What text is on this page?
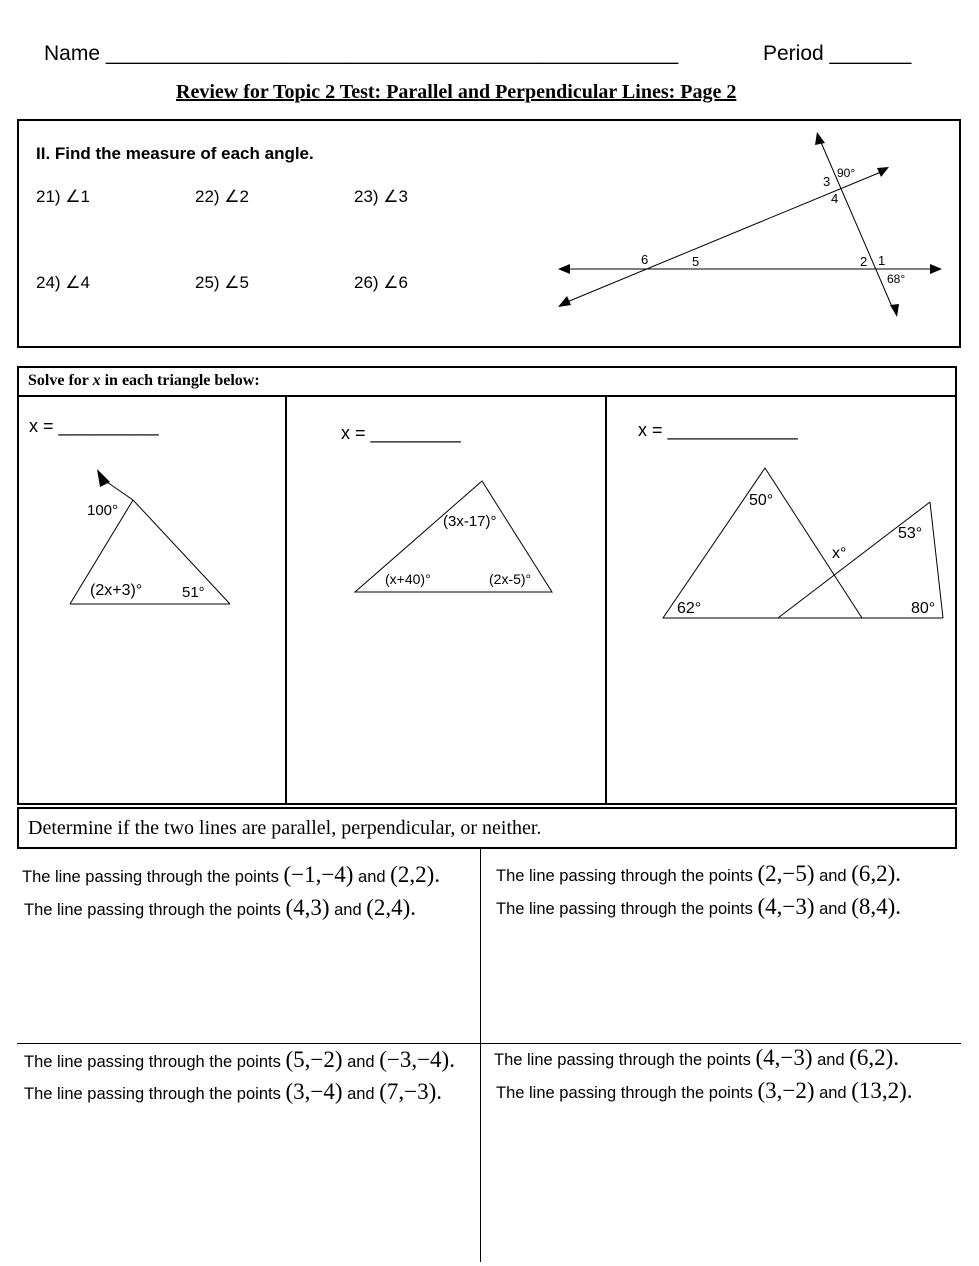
Name _________________________________________________	Period _______
Review for Topic 2 Test: Parallel and Perpendicular Lines: Page 2
II. Find the measure of each angle.
21) ∠1	22) ∠2	23) ∠3
24) ∠4	25) ∠5	26) ∠6
3
90°
4
6	5	2 1
68°
Solve for x in each triangle below:
x = __________	x = _________	x = _____________
100°
(2x+3)°	51°
(3x-17)°
(x+40)°	(2x-5)°
50°
x°
53°
62°	80°
Determine if the two lines are parallel, perpendicular, or neither.
The line passing through the points (−1,−4) and (2,2).
The line passing through the points (4,3) and (2,4).
The line passing through the points (2,−5) and (6,2).
The line passing through the points (4,−3) and (8,4).
The line passing through the points (5,−2) and (−3,−4).
The line passing through the points (3,−4) and (7,−3).
The line passing through the points (4,−3) and (6,2).
The line passing through the points (3,−2) and (13,2).
